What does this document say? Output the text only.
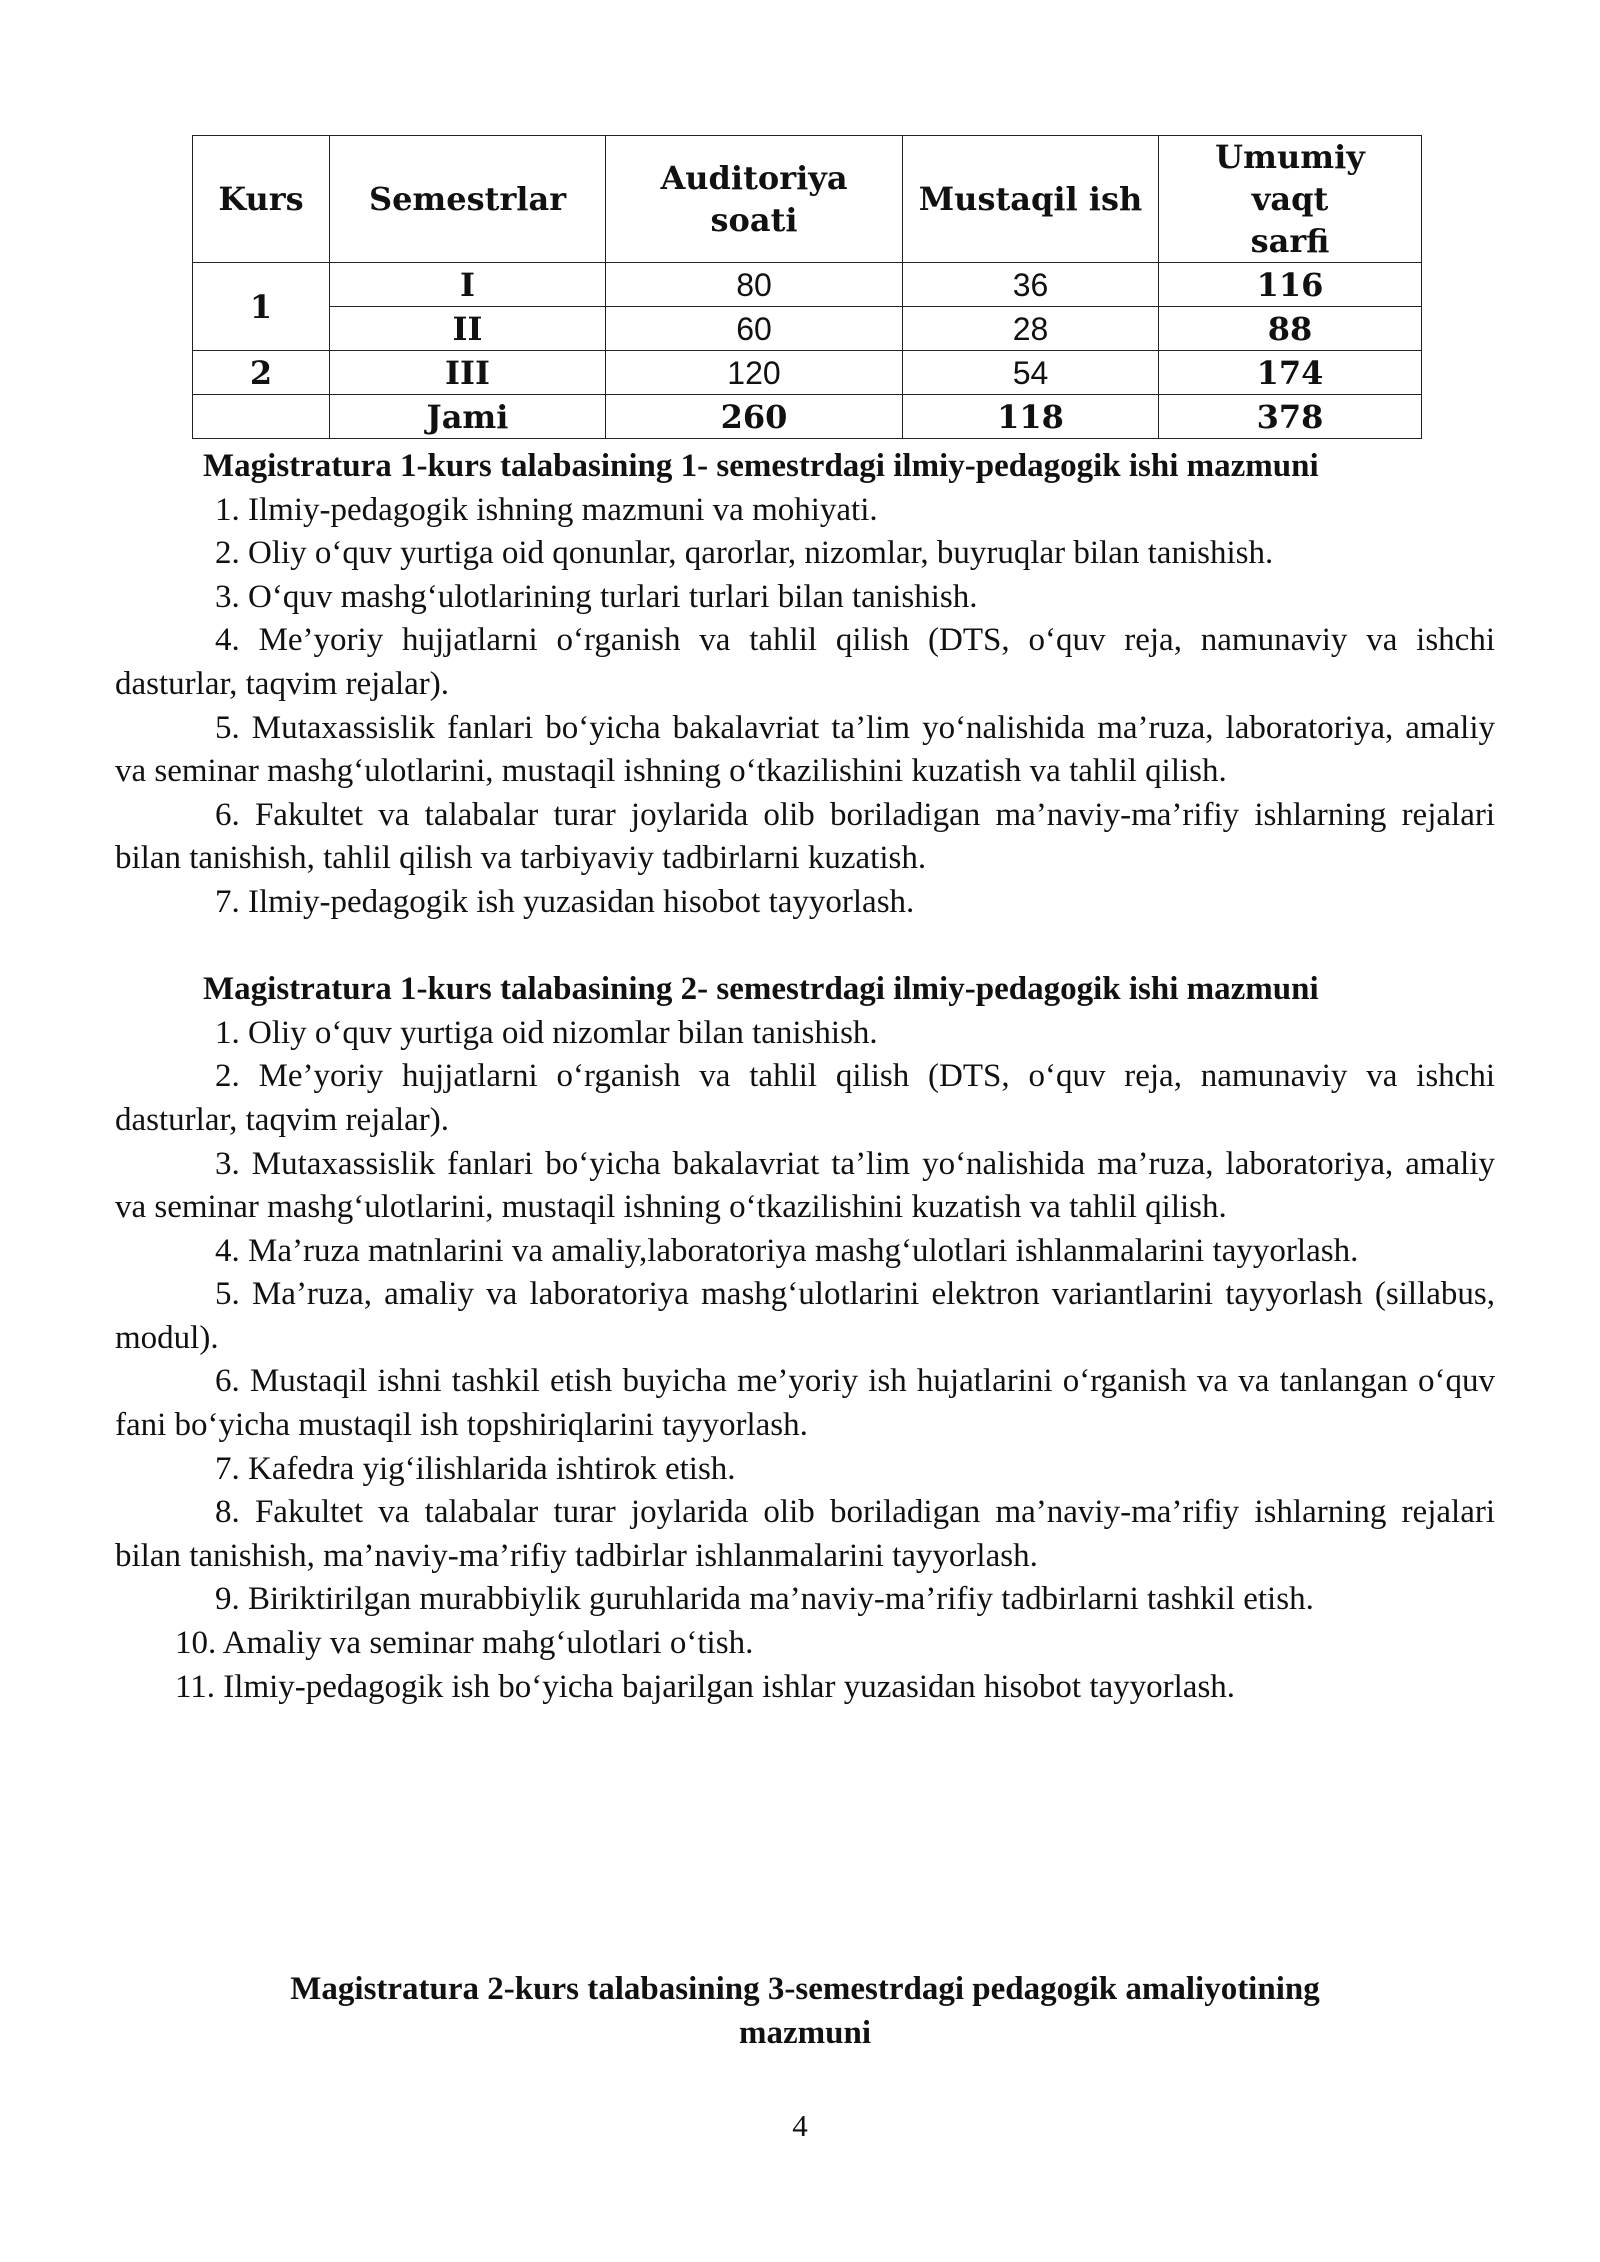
Kurs	Semestrlar	Auditoriya soati	Mustaqil ish	Umumiy vaqt sarfi
1	I	80	36	116
	II	60	28	88
2	III	120	54	174
	Jami	260	118	378

Magistratura 1-kurs talabasining 1- semestrdagi ilmiy-pedagogik ishi mazmuni

1. Ilmiy-pedagogik ishning mazmuni va mohiyati.
2. Oliy o‘quv yurtiga oid qonunlar, qarorlar, nizomlar, buyruqlar bilan tanishish.
3. O‘quv mashg‘ulotlarining turlari turlari bilan tanishish.
4. Me’yoriy hujjatlarni o‘rganish va tahlil qilish (DTS, o‘quv reja, namunaviy va ishchi dasturlar, taqvim rejalar).
5. Mutaxassislik fanlari bo‘yicha bakalavriat ta’lim yo‘nalishida ma’ruza, laboratoriya, amaliy va seminar mashg‘ulotlarini, mustaqil ishning o‘tkazilishini kuzatish va tahlil qilish.
6. Fakultet va talabalar turar joylarida olib boriladigan ma’naviy-ma’rifiy ishlarning rejalari bilan tanishish, tahlil qilish va tarbiyaviy tadbirlarni kuzatish.
7. Ilmiy-pedagogik ish yuzasidan hisobot tayyorlash.

Magistratura 1-kurs talabasining 2- semestrdagi ilmiy-pedagogik ishi mazmuni

1. Oliy o‘quv yurtiga oid nizomlar bilan tanishish.
2. Me’yoriy hujjatlarni o‘rganish va tahlil qilish (DTS, o‘quv reja, namunaviy va ishchi dasturlar, taqvim rejalar).
3. Mutaxassislik fanlari bo‘yicha bakalavriat ta’lim yo‘nalishida ma’ruza, laboratoriya, amaliy va seminar mashg‘ulotlarini, mustaqil ishning o‘tkazilishini kuzatish va tahlil qilish.
4. Ma’ruza matnlarini va amaliy,laboratoriya mashg‘ulotlari ishlanmalarini tayyorlash.
5. Ma’ruza, amaliy va laboratoriya mashg‘ulotlarini elektron variantlarini tayyorlash (sillabus, modul).
6. Mustaqil ishni tashkil etish buyicha me’yoriy ish hujatlarini o‘rganish va va tanlangan o‘quv fani bo‘yicha mustaqil ish topshiriqlarini tayyorlash.
7. Kafedra yig‘ilishlarida ishtirok etish.
8. Fakultet va talabalar turar joylarida olib boriladigan ma’naviy-ma’rifiy ishlarning rejalari bilan tanishish, ma’naviy-ma’rifiy tadbirlar ishlanmalarini tayyorlash.
9. Biriktirilgan murabbiylik guruhlarida ma’naviy-ma’rifiy tadbirlarni tashkil etish.
10. Amaliy va seminar mahg‘ulotlari o‘tish.
11. Ilmiy-pedagogik ish bo‘yicha bajarilgan ishlar yuzasidan hisobot tayyorlash.
Magistratura 2-kurs talabasining 3-semestrdagi pedagogik amaliyotining
mazmuni
4
